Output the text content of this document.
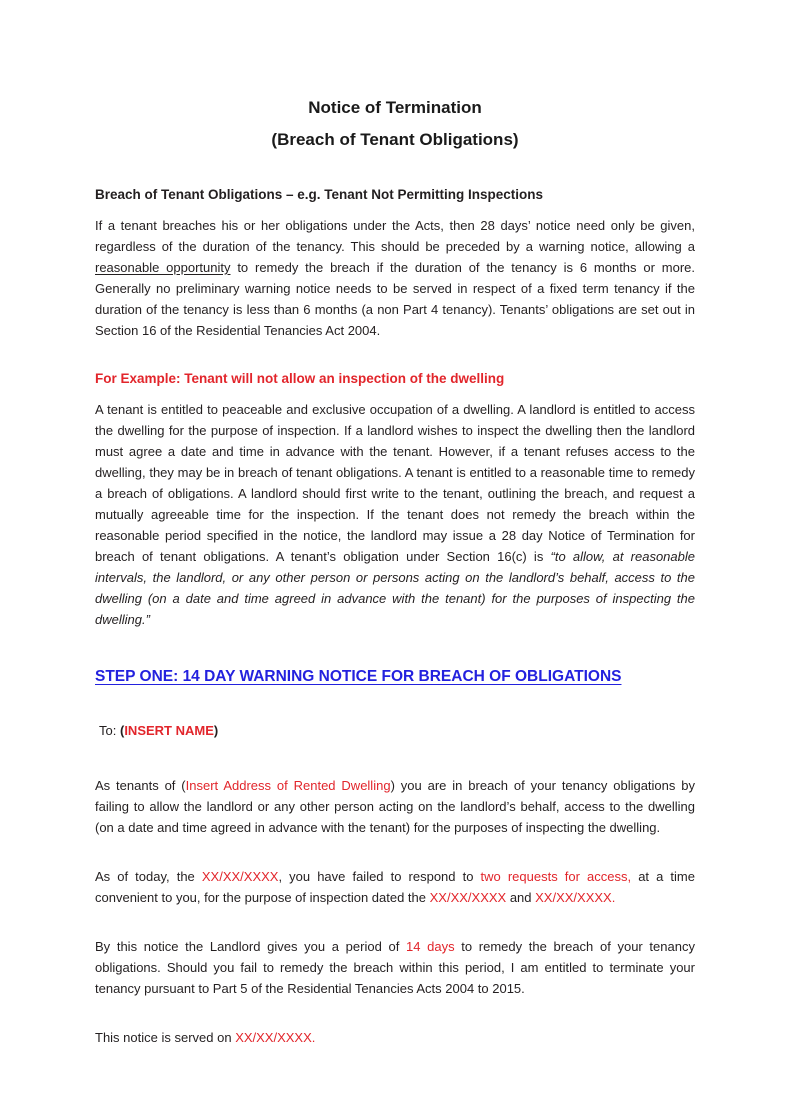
Notice of Termination
(Breach of Tenant Obligations)

Breach of Tenant Obligations – e.g. Tenant Not Permitting Inspections

If a tenant breaches his or her obligations under the Acts, then 28 days’ notice need only be given, regardless of the duration of the tenancy. This should be preceded by a warning notice, allowing a reasonable opportunity to remedy the breach if the duration of the tenancy is 6 months or more. Generally no preliminary warning notice needs to be served in respect of a fixed term tenancy if the duration of the tenancy is less than 6 months (a non Part 4 tenancy). Tenants’ obligations are set out in Section 16 of the Residential Tenancies Act 2004.

For Example: Tenant will not allow an inspection of the dwelling

A tenant is entitled to peaceable and exclusive occupation of a dwelling. A landlord is entitled to access the dwelling for the purpose of inspection. If a landlord wishes to inspect the dwelling then the landlord must agree a date and time in advance with the tenant. However, if a tenant refuses access to the dwelling, they may be in breach of tenant obligations. A tenant is entitled to a reasonable time to remedy a breach of obligations. A landlord should first write to the tenant, outlining the breach, and request a mutually agreeable time for the inspection. If the tenant does not remedy the breach within the reasonable period specified in the notice, the landlord may issue a 28 day Notice of Termination for breach of tenant obligations. A tenant’s obligation under Section 16(c) is “to allow, at reasonable intervals, the landlord, or any other person or persons acting on the landlord’s behalf, access to the dwelling (on a date and time agreed in advance with the tenant) for the purposes of inspecting the dwelling.”

STEP ONE: 14 DAY WARNING NOTICE FOR BREACH OF OBLIGATIONS

To: (INSERT NAME)

As tenants of (Insert Address of Rented Dwelling) you are in breach of your tenancy obligations by failing to allow the landlord or any other person acting on the landlord’s behalf, access to the dwelling (on a date and time agreed in advance with the tenant) for the purposes of inspecting the dwelling.

As of today, the XX/XX/XXXX, you have failed to respond to two requests for access, at a time convenient to you, for the purpose of inspection dated the XX/XX/XXXX and XX/XX/XXXX.

By this notice the Landlord gives you a period of 14 days to remedy the breach of your tenancy obligations. Should you fail to remedy the breach within this period, I am entitled to terminate your tenancy pursuant to Part 5 of the Residential Tenancies Acts 2004 to 2015.

This notice is served on XX/XX/XXXX.
